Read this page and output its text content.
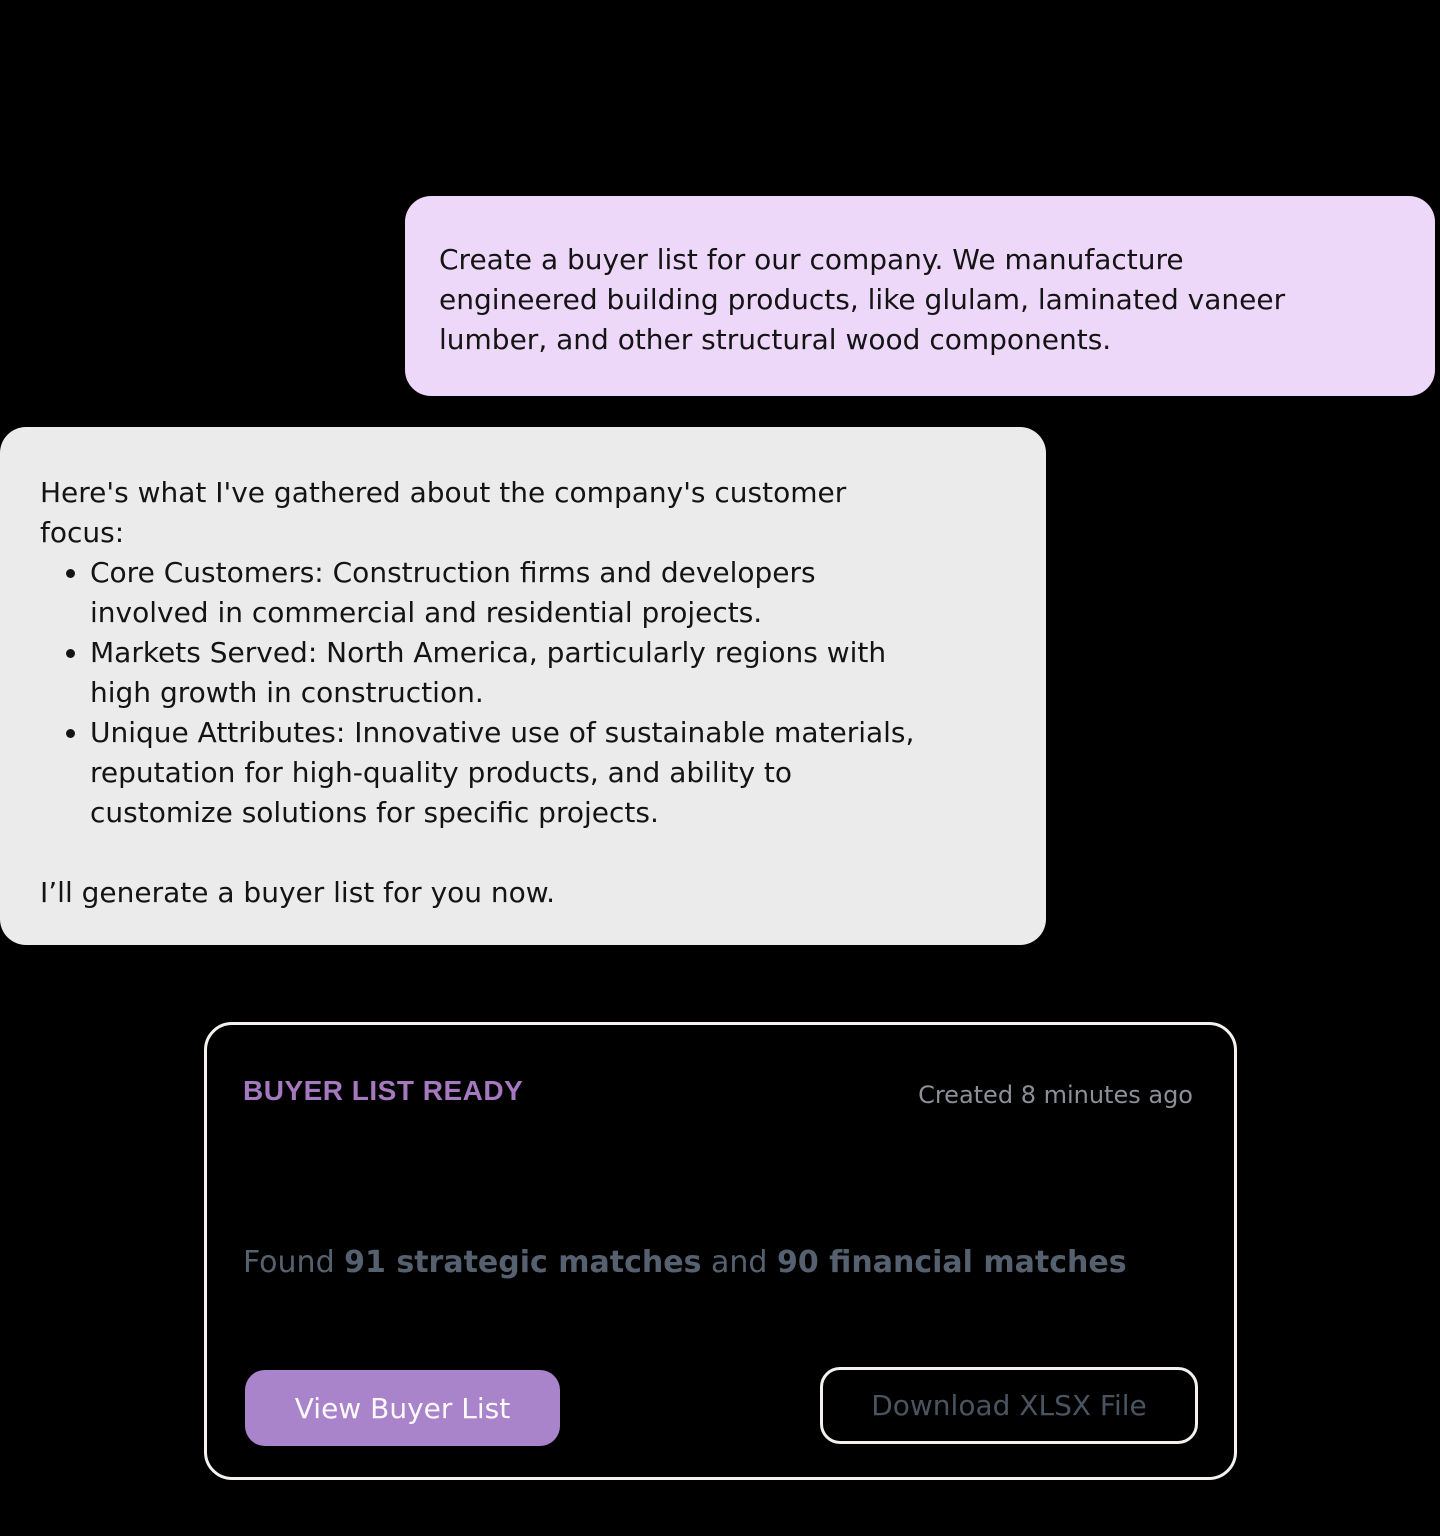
Create a buyer list for our company. We manufacture
engineered building products, like glulam, laminated vaneer
lumber, and other structural wood components.
Here's what I've gathered about the company's customer
focus:
• Core Customers: Construction firms and developers
involved in commercial and residential projects.
• Markets Served: North America, particularly regions with
high growth in construction.
• Unique Attributes: Innovative use of sustainable materials,
reputation for high-quality products, and ability to
customize solutions for specific projects.
I’ll generate a buyer list for you now.
BUYER LIST READY	Created 8 minutes ago
Found 91 strategic matches and 90 financial matches
View Buyer List	Download XLSX File
